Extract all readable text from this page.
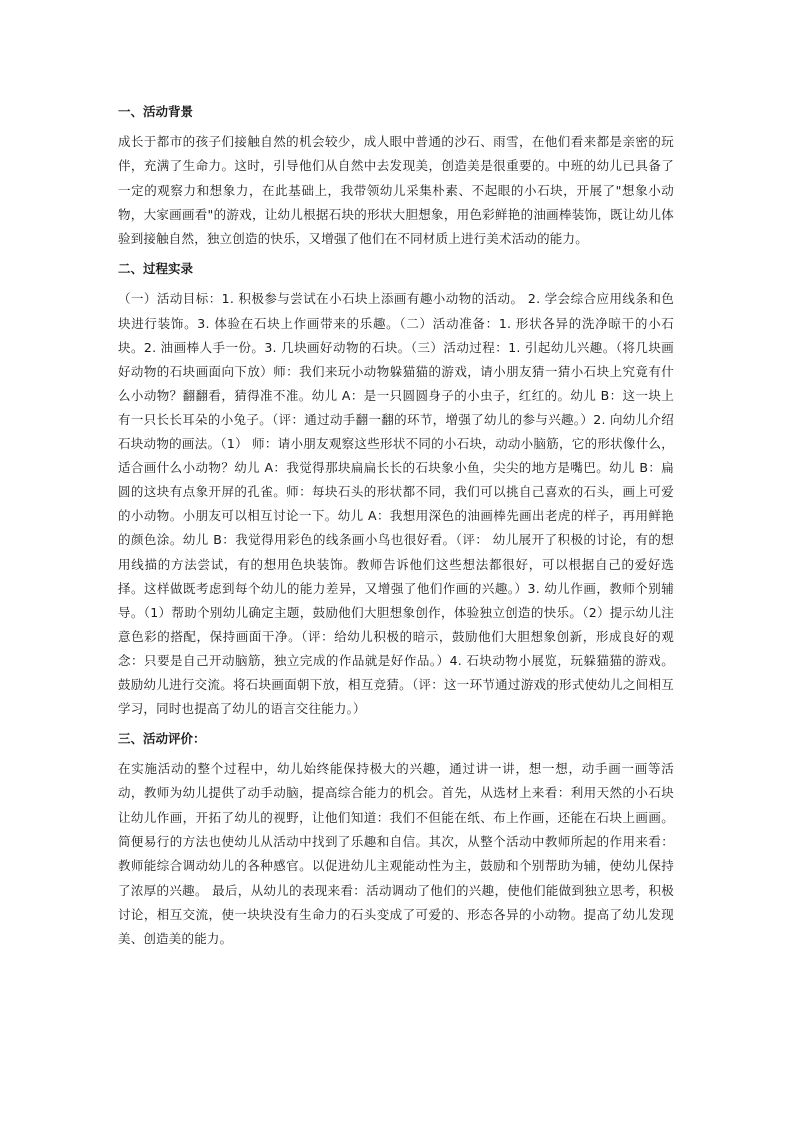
一、活动背景
成长于都市的孩子们接触自然的机会较少，成人眼中普通的沙石、雨雪，在他们看来都是亲密的玩伴，充满了生命力。这时，引导他们从自然中去发现美，创造美是很重要的。中班的幼儿已具备了一定的观察力和想象力，在此基础上，我带领幼儿采集朴素、不起眼的小石块，开展了"想象小动物，大家画画看"的游戏，让幼儿根据石块的形状大胆想象，用色彩鲜艳的油画棒装饰，既让幼儿体验到接触自然，独立创造的快乐，又增强了他们在不同材质上进行美术活动的能力。
二、过程实录
（一）活动目标：1. 积极参与尝试在小石块上添画有趣小动物的活动。 2. 学会综合应用线条和色块进行装饰。3. 体验在石块上作画带来的乐趣。（二）活动准备：1. 形状各异的洗净晾干的小石块。2. 油画棒人手一份。3. 几块画好动物的石块。（三）活动过程：1. 引起幼儿兴趣。（将几块画好动物的石块画面向下放）师：我们来玩小动物躲猫猫的游戏，请小朋友猜一猜小石块上究竟有什么小动物？翻翻看，猜得准不准。幼儿 A：是一只圆圆身子的小虫子，红红的。幼儿 B：这一块上有一只长长耳朵的小兔子。（评：通过动手翻一翻的环节，增强了幼儿的参与兴趣。）2. 向幼儿介绍石块动物的画法。（1） 师：请小朋友观察这些形状不同的小石块，动动小脑筋，它的形状像什么，适合画什么小动物？幼儿 A：我觉得那块扁扁长长的石块象小鱼，尖尖的地方是嘴巴。幼儿 B：扁圆的这块有点象开屏的孔雀。师：每块石头的形状都不同，我们可以挑自己喜欢的石头，画上可爱的小动物。小朋友可以相互讨论一下。幼儿 A：我想用深色的油画棒先画出老虎的样子，再用鲜艳的颜色涂。幼儿 B：我觉得用彩色的线条画小鸟也很好看。（评： 幼儿展开了积极的讨论，有的想用线描的方法尝试，有的想用色块装饰。教师告诉他们这些想法都很好，可以根据自己的爱好选择。这样做既考虑到每个幼儿的能力差异，又增强了他们作画的兴趣。）3. 幼儿作画，教师个别辅导。（1）帮助个别幼儿确定主题，鼓励他们大胆想象创作，体验独立创造的快乐。（2）提示幼儿注意色彩的搭配，保持画面干净。（评：给幼儿积极的暗示，鼓励他们大胆想象创新，形成良好的观念：只要是自己开动脑筋，独立完成的作品就是好作品。）4. 石块动物小展览，玩躲猫猫的游戏。鼓励幼儿进行交流。将石块画面朝下放，相互竞猜。（评：这一环节通过游戏的形式使幼儿之间相互学习，同时也提高了幼儿的语言交往能力。）
三、活动评价：
在实施活动的整个过程中，幼儿始终能保持极大的兴趣，通过讲一讲，想一想，动手画一画等活动，教师为幼儿提供了动手动脑，提高综合能力的机会。首先，从选材上来看：利用天然的小石块让幼儿作画，开拓了幼儿的视野，让他们知道：我们不但能在纸、布上作画，还能在石块上画画。简便易行的方法也使幼儿从活动中找到了乐趣和自信。其次，从整个活动中教师所起的作用来看：教师能综合调动幼儿的各种感官。以促进幼儿主观能动性为主，鼓励和个别帮助为辅，使幼儿保持了浓厚的兴趣。 最后，从幼儿的表现来看：活动调动了他们的兴趣，使他们能做到独立思考，积极讨论，相互交流，使一块块没有生命力的石头变成了可爱的、形态各异的小动物。提高了幼儿发现美、创造美的能力。
